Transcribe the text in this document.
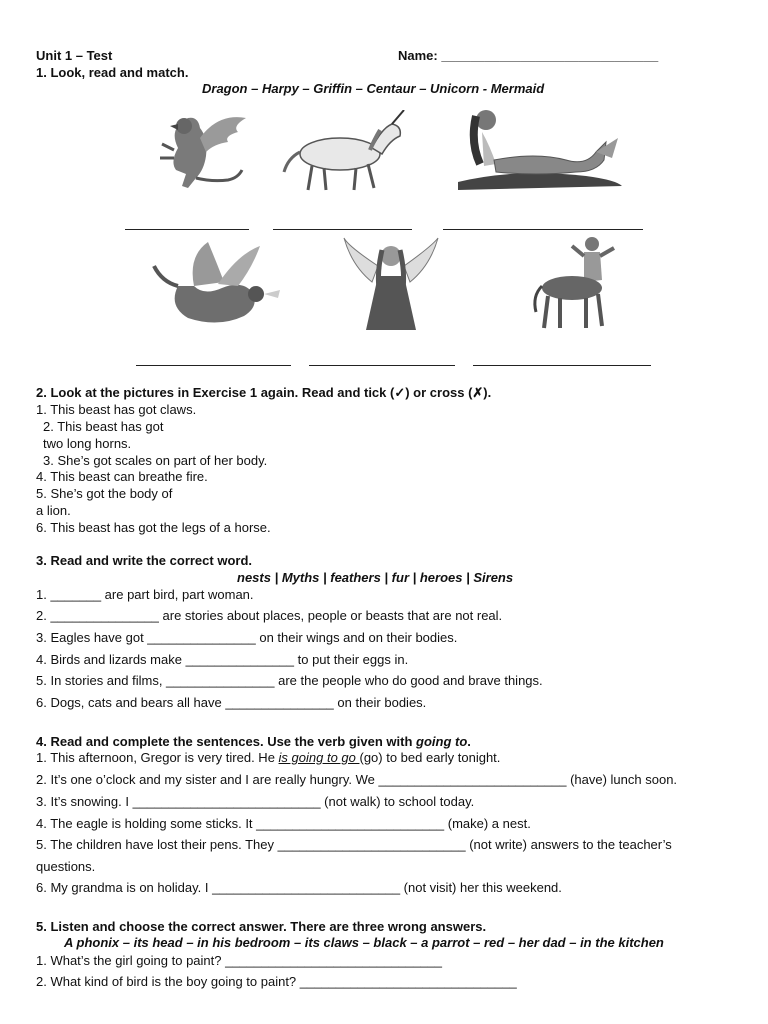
Unit 1 – Test	Name: ______________________________
1. Look, read and match.
Dragon – Harpy – Griffin – Centaur – Unicorn - Mermaid
2. Look at the pictures in Exercise 1 again. Read and tick (✓) or cross (✗).
1. This beast has got claws.
2. This beast has got
two long horns.
3. She’s got scales on part of her body.
4. This beast can breathe fire.
5. She’s got the body of
a lion.
6. This beast has got the legs of a horse.
3. Read and write the correct word.
nests | Myths | feathers | fur | heroes | Sirens
1. _______ are part bird, part woman.
2. _______________ are stories about places, people or beasts that are not real.
3. Eagles have got _______________ on their wings and on their bodies.
4. Birds and lizards make _______________ to put their eggs in.
5. In stories and films, _______________ are the people who do good and brave things.
6. Dogs, cats and bears all have _______________ on their bodies.
4. Read and complete the sentences. Use the verb given with going to.
1. This afternoon, Gregor is very tired. He is going to go (go) to bed early tonight.
2. It’s one o’clock and my sister and I are really hungry. We __________________________ (have) lunch soon.
3. It’s snowing. I __________________________ (not walk) to school today.
4. The eagle is holding some sticks. It __________________________ (make) a nest.
5. The children have lost their pens. They __________________________ (not write) answers to the teacher’s
questions.
6. My grandma is on holiday. I __________________________ (not visit) her this weekend.
5. Listen and choose the correct answer. There are three wrong answers.
A phonix – its head – in his bedroom – its claws – black – a parrot – red – her dad – in the kitchen
1. What’s the girl going to paint? ______________________________
2. What kind of bird is the boy going to paint? ______________________________
